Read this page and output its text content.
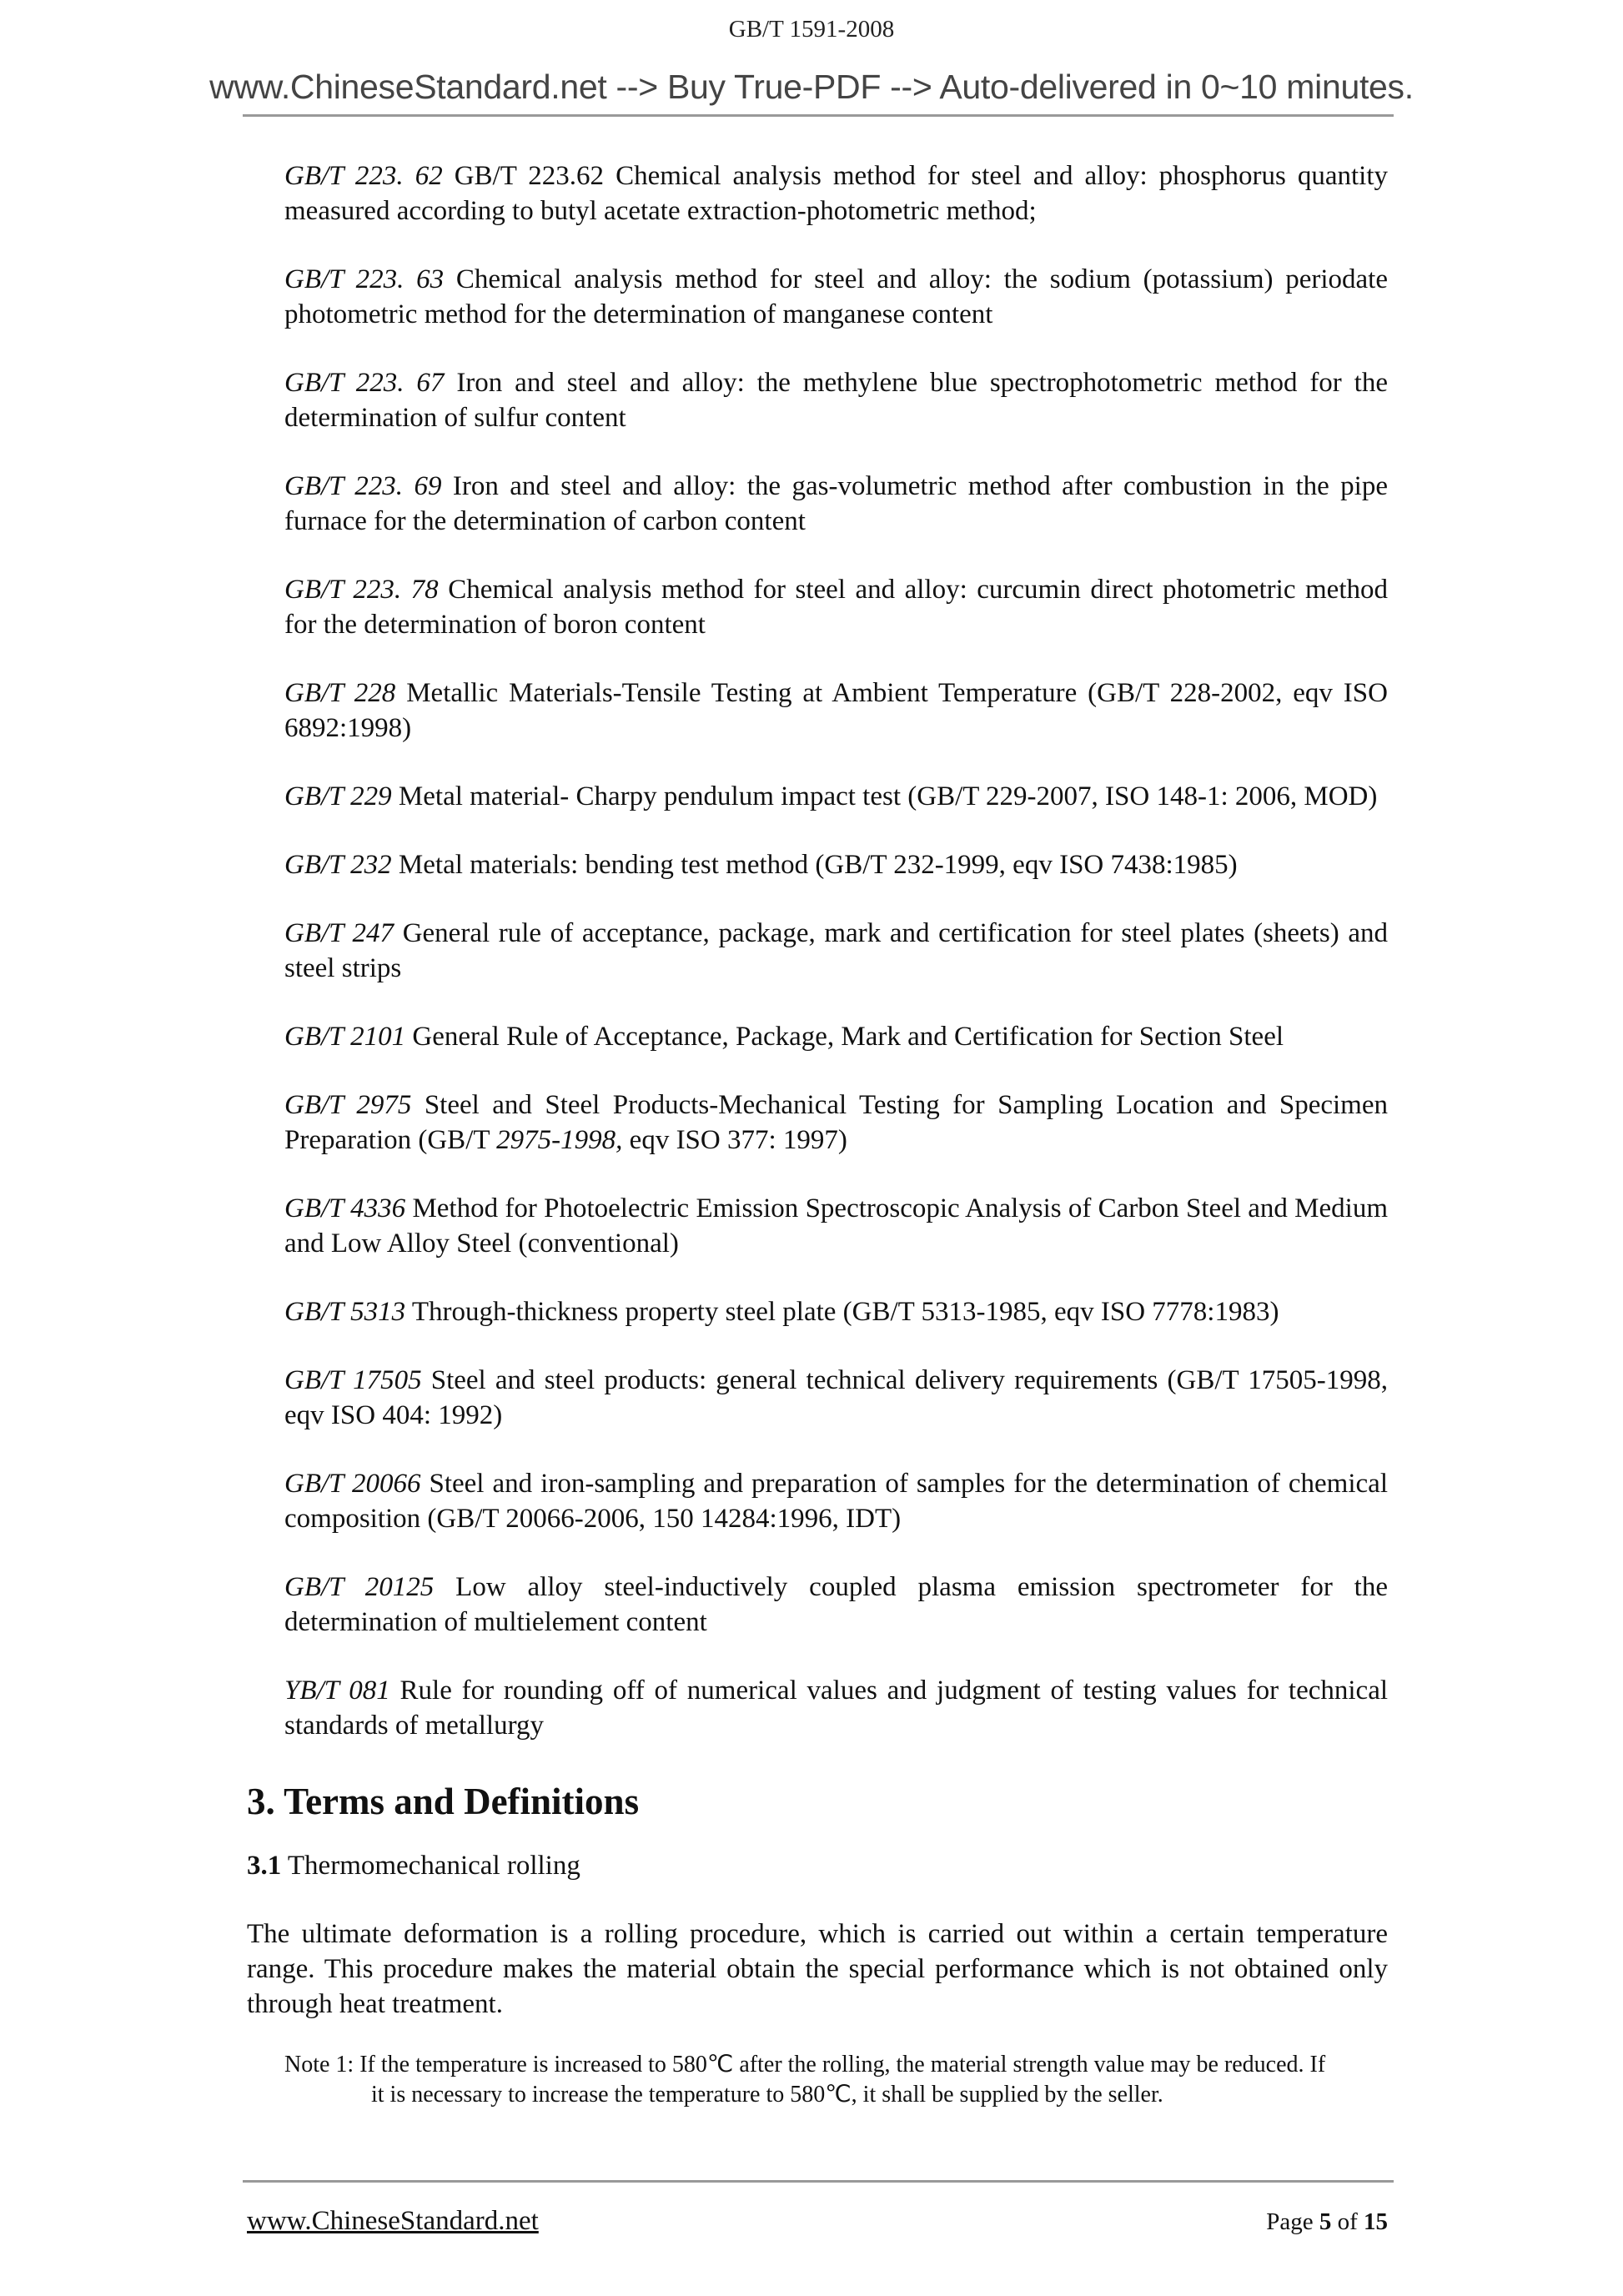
GB/T 1591-2008
www.ChineseStandard.net --> Buy True-PDF --> Auto-delivered in 0~10 minutes.

GB/T 223. 62 GB/T 223.62 Chemical analysis method for steel and alloy: phosphorus quantity measured according to butyl acetate extraction-photometric method;

GB/T 223. 63 Chemical analysis method for steel and alloy: the sodium (potassium) periodate photometric method for the determination of manganese content

GB/T 223. 67 Iron and steel and alloy: the methylene blue spectrophotometric method for the determination of sulfur content

GB/T 223. 69 Iron and steel and alloy: the gas-volumetric method after combustion in the pipe furnace for the determination of carbon content

GB/T 223. 78 Chemical analysis method for steel and alloy: curcumin direct photometric method for the determination of boron content

GB/T 228 Metallic Materials-Tensile Testing at Ambient Temperature (GB/T 228-2002, eqv ISO 6892:1998)

GB/T 229 Metal material- Charpy pendulum impact test (GB/T 229-2007, ISO 148-1: 2006, MOD)

GB/T 232 Metal materials: bending test method (GB/T 232-1999, eqv ISO 7438:1985)

GB/T 247 General rule of acceptance, package, mark and certification for steel plates (sheets) and steel strips

GB/T 2101 General Rule of Acceptance, Package, Mark and Certification for Section Steel

GB/T 2975 Steel and Steel Products-Mechanical Testing for Sampling Location and Specimen Preparation (GB/T 2975-1998, eqv ISO 377: 1997)

GB/T 4336 Method for Photoelectric Emission Spectroscopic Analysis of Carbon Steel and Medium and Low Alloy Steel (conventional)

GB/T 5313 Through-thickness property steel plate (GB/T 5313-1985, eqv ISO 7778:1983)

GB/T 17505 Steel and steel products: general technical delivery requirements (GB/T 17505-1998, eqv ISO 404: 1992)

GB/T 20066 Steel and iron-sampling and preparation of samples for the determination of chemical composition (GB/T 20066-2006, 150 14284:1996, IDT)

GB/T 20125 Low alloy steel-inductively coupled plasma emission spectrometer for the determination of multielement content

YB/T 081 Rule for rounding off of numerical values and judgment of testing values for technical standards of metallurgy

3. Terms and Definitions
3.1 Thermomechanical rolling

The ultimate deformation is a rolling procedure, which is carried out within a certain temperature range. This procedure makes the material obtain the special performance which is not obtained only through heat treatment.

Note 1: If the temperature is increased to 580℃ after the rolling, the material strength value may be reduced. If
it is necessary to increase the temperature to 580℃, it shall be supplied by the seller.
www.ChineseStandard.net	Page 5 of 15
